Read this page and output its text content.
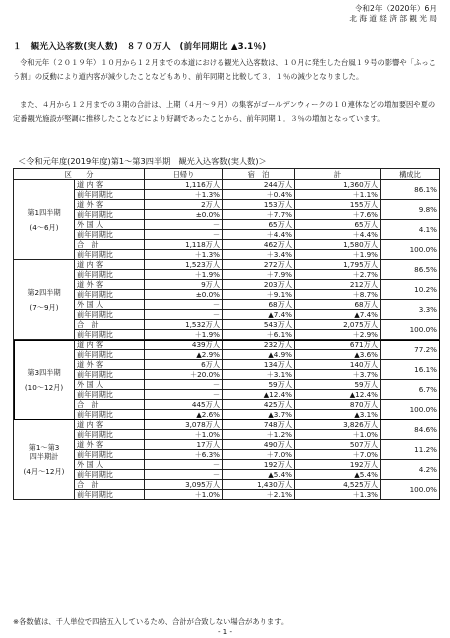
令和2年（2020年）6月
北 海 道 経 済 部 観 光 局
１　観光入込客数(実人数)　８７０万人　(前年同期比 ▲3.1％)
令和元年（２０１９年）１０月から１２月までの本道における観光入込客数は、１０月に発生した台風１９号の影響や「ふっこう割」の反動により道内客が減少したことなどもあり、前年同期と比較して３．１％の減少となりました。
また、４月から１２月までの３期の合計は、上期（４月～９月）の集客がゴールデンウィークの１０連休などの増加要因や夏の定番観光施設が堅調に推移したことなどにより好調であったことから、前年同期１．３％の増加となっています。
＜令和元年度(2019年度)第1～第3四半期　観光入込客数(実人数)＞
区　　分		日帰り	宿　泊	計	構成比

第1四半期
(4～6月)	道 内 客	1,116万人	244万人	1,360万人	86.1%
	前年同期比	＋1.3%	＋0.4%	＋1.1%	
	道 外 客	2万人	153万人	155万人	9.8%
	前年同期比	±0.0%	＋7.7%	＋7.6%	
	外 国 人	－	65万人	65万人	4.1%
	前年同期比	－	＋4.4%	＋4.4%	
	合　計	1,118万人	462万人	1,580万人	100.0%
	前年同期比	＋1.3%	＋3.4%	＋1.9%	

第2四半期
(7～9月)	道 内 客	1,523万人	272万人	1,795万人	86.5%
	前年同期比	＋1.9%	＋7.9%	＋2.7%	
	道 外 客	9万人	203万人	212万人	10.2%
	前年同期比	±0.0%	＋9.1%	＋8.7%	
	外 国 人	－	68万人	68万人	3.3%
	前年同期比	－	▲7.4%	▲7.4%	
	合　計	1,532万人	543万人	2,075万人	100.0%
	前年同期比	＋1.9%	＋6.1%	＋2.9%	

第3四半期
(10～12月)	道 内 客	439万人	232万人	671万人	77.2%
	前年同期比	▲2.9%	▲4.9%	▲3.6%	
	道 外 客	6万人	134万人	140万人	16.1%
	前年同期比	＋20.0%	＋3.1%	＋3.7%	
	外 国 人	－	59万人	59万人	6.7%
	前年同期比	－	▲12.4%	▲12.4%	
	合　計	445万人	425万人	870万人	100.0%
	前年同期比	▲2.6%	▲3.7%	▲3.1%	

第1～第3
四半期計
(4月～12月)	道 内 客	3,078万人	748万人	3,826万人	84.6%
	前年同期比	＋1.0%	＋1.2%	＋1.0%	
	道 外 客	17万人	490万人	507万人	11.2%
	前年同期比	＋6.3%	＋7.0%	＋7.0%	
	外 国 人	－	192万人	192万人	4.2%
	前年同期比	－	▲5.4%	▲5.4%	
	合　計	3,095万人	1,430万人	4,525万人	100.0%
	前年同期比	＋1.0%	＋2.1%	＋1.3%	
※各数値は、千人単位で四捨五入しているため、合計が合致しない場合があります。
- 1 -
